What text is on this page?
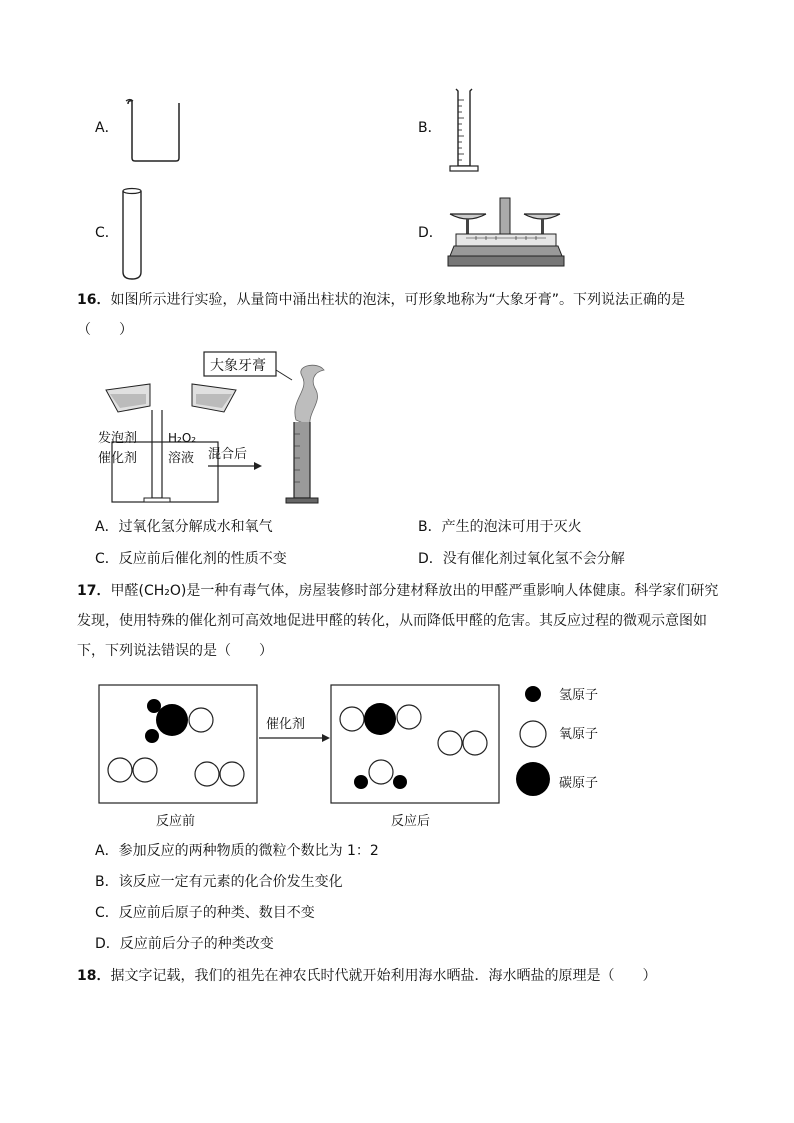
A．	B．
C．	D．
16．如图所示进行实验，从量筒中涌出柱状的泡沫，可形象地称为“大象牙膏”。下列说法正确的是
（　　）
发泡剂
催化剂
H₂O₂
溶液 混合后
大象牙膏
A．过氧化氢分解成水和氧气	B．产生的泡沫可用于灭火
C．反应前后催化剂的性质不变	D．没有催化剂过氧化氢不会分解
17．甲醛(CH₂O)是一种有毒气体，房屋装修时部分建材释放出的甲醛严重影响人体健康。科学家们研究
发现，使用特殊的催化剂可高效地促进甲醛的转化，从而降低甲醛的危害。其反应过程的微观示意图如
下，下列说法错误的是（　　）
催化剂
反应前	反应后
氢原子
氧原子
碳原子
A．参加反应的两种物质的微粒个数比为 1：2
B．该反应一定有元素的化合价发生变化
C．反应前后原子的种类、数目不变
D．反应前后分子的种类改变
18．据文字记载，我们的祖先在神农氏时代就开始利用海水晒盐．海水晒盐的原理是（　　）
